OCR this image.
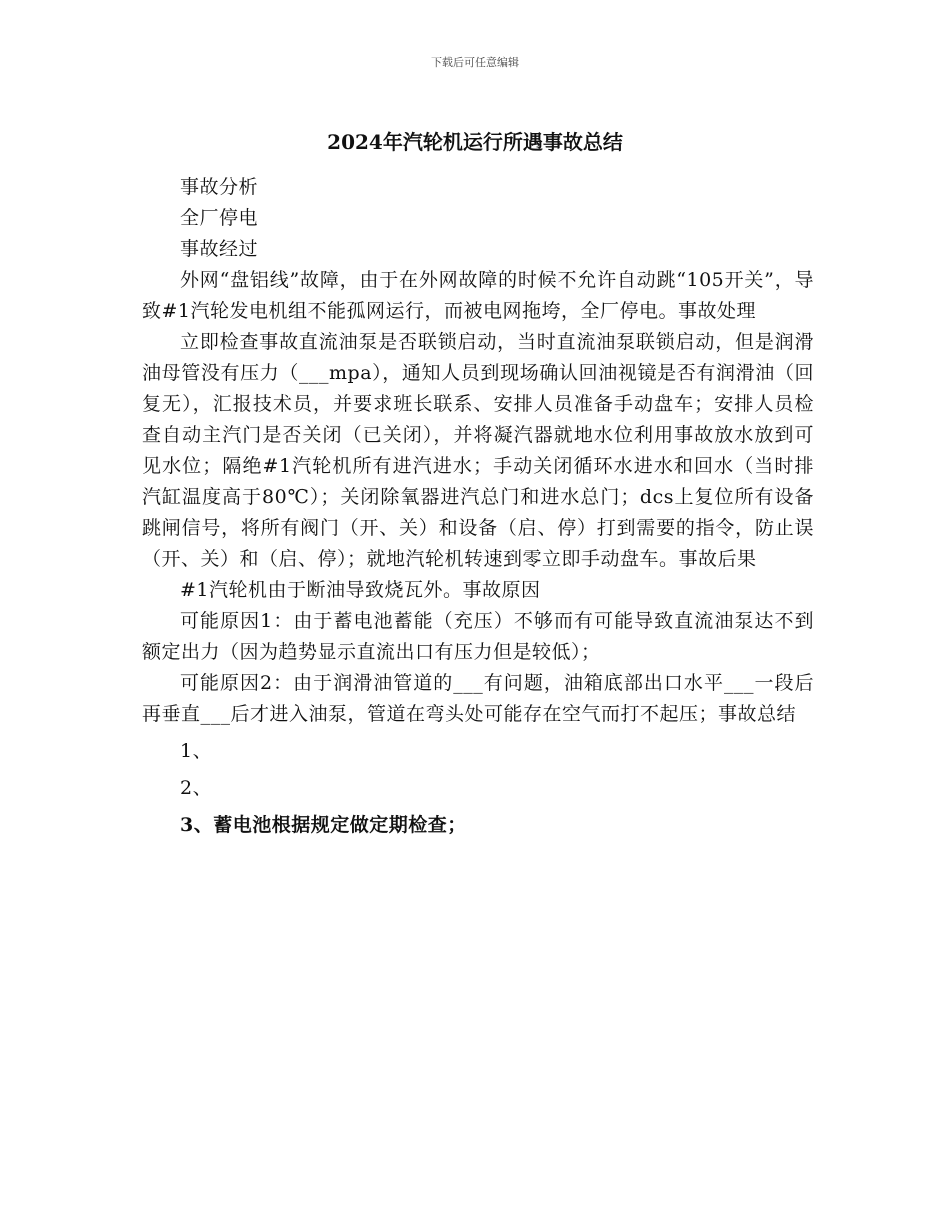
下载后可任意编辑
2024年汽轮机运行所遇事故总结

事故分析

全厂停电

事故经过

外网“盘铝线”故障，由于在外网故障的时候不允许自动跳“105开关”，导致#1汽轮发电机组不能孤网运行，而被电网拖垮，全厂停电。事故处理

立即检查事故直流油泵是否联锁启动，当时直流油泵联锁启动，但是润滑油母管没有压力（___mpa），通知人员到现场确认回油视镜是否有润滑油（回复无），汇报技术员，并要求班长联系、安排人员准备手动盘车；安排人员检查自动主汽门是否关闭（已关闭），并将凝汽器就地水位利用事故放水放到可见水位；隔绝#1汽轮机所有进汽进水；手动关闭循环水进水和回水（当时排汽缸温度高于80℃）；关闭除氧器进汽总门和进水总门；dcs上复位所有设备跳闸信号，将所有阀门（开、关）和设备（启、停）打到需要的指令，防止误（开、关）和（启、停）；就地汽轮机转速到零立即手动盘车。事故后果

#1汽轮机由于断油导致烧瓦外。事故原因

可能原因1：由于蓄电池蓄能（充压）不够而有可能导致直流油泵达不到额定出力（因为趋势显示直流出口有压力但是较低）；

可能原因2：由于润滑油管道的___有问题，油箱底部出口水平___一段后再垂直___后才进入油泵，管道在弯头处可能存在空气而打不起压；事故总结

1、

2、

3、蓄电池根据规定做定期检查；
